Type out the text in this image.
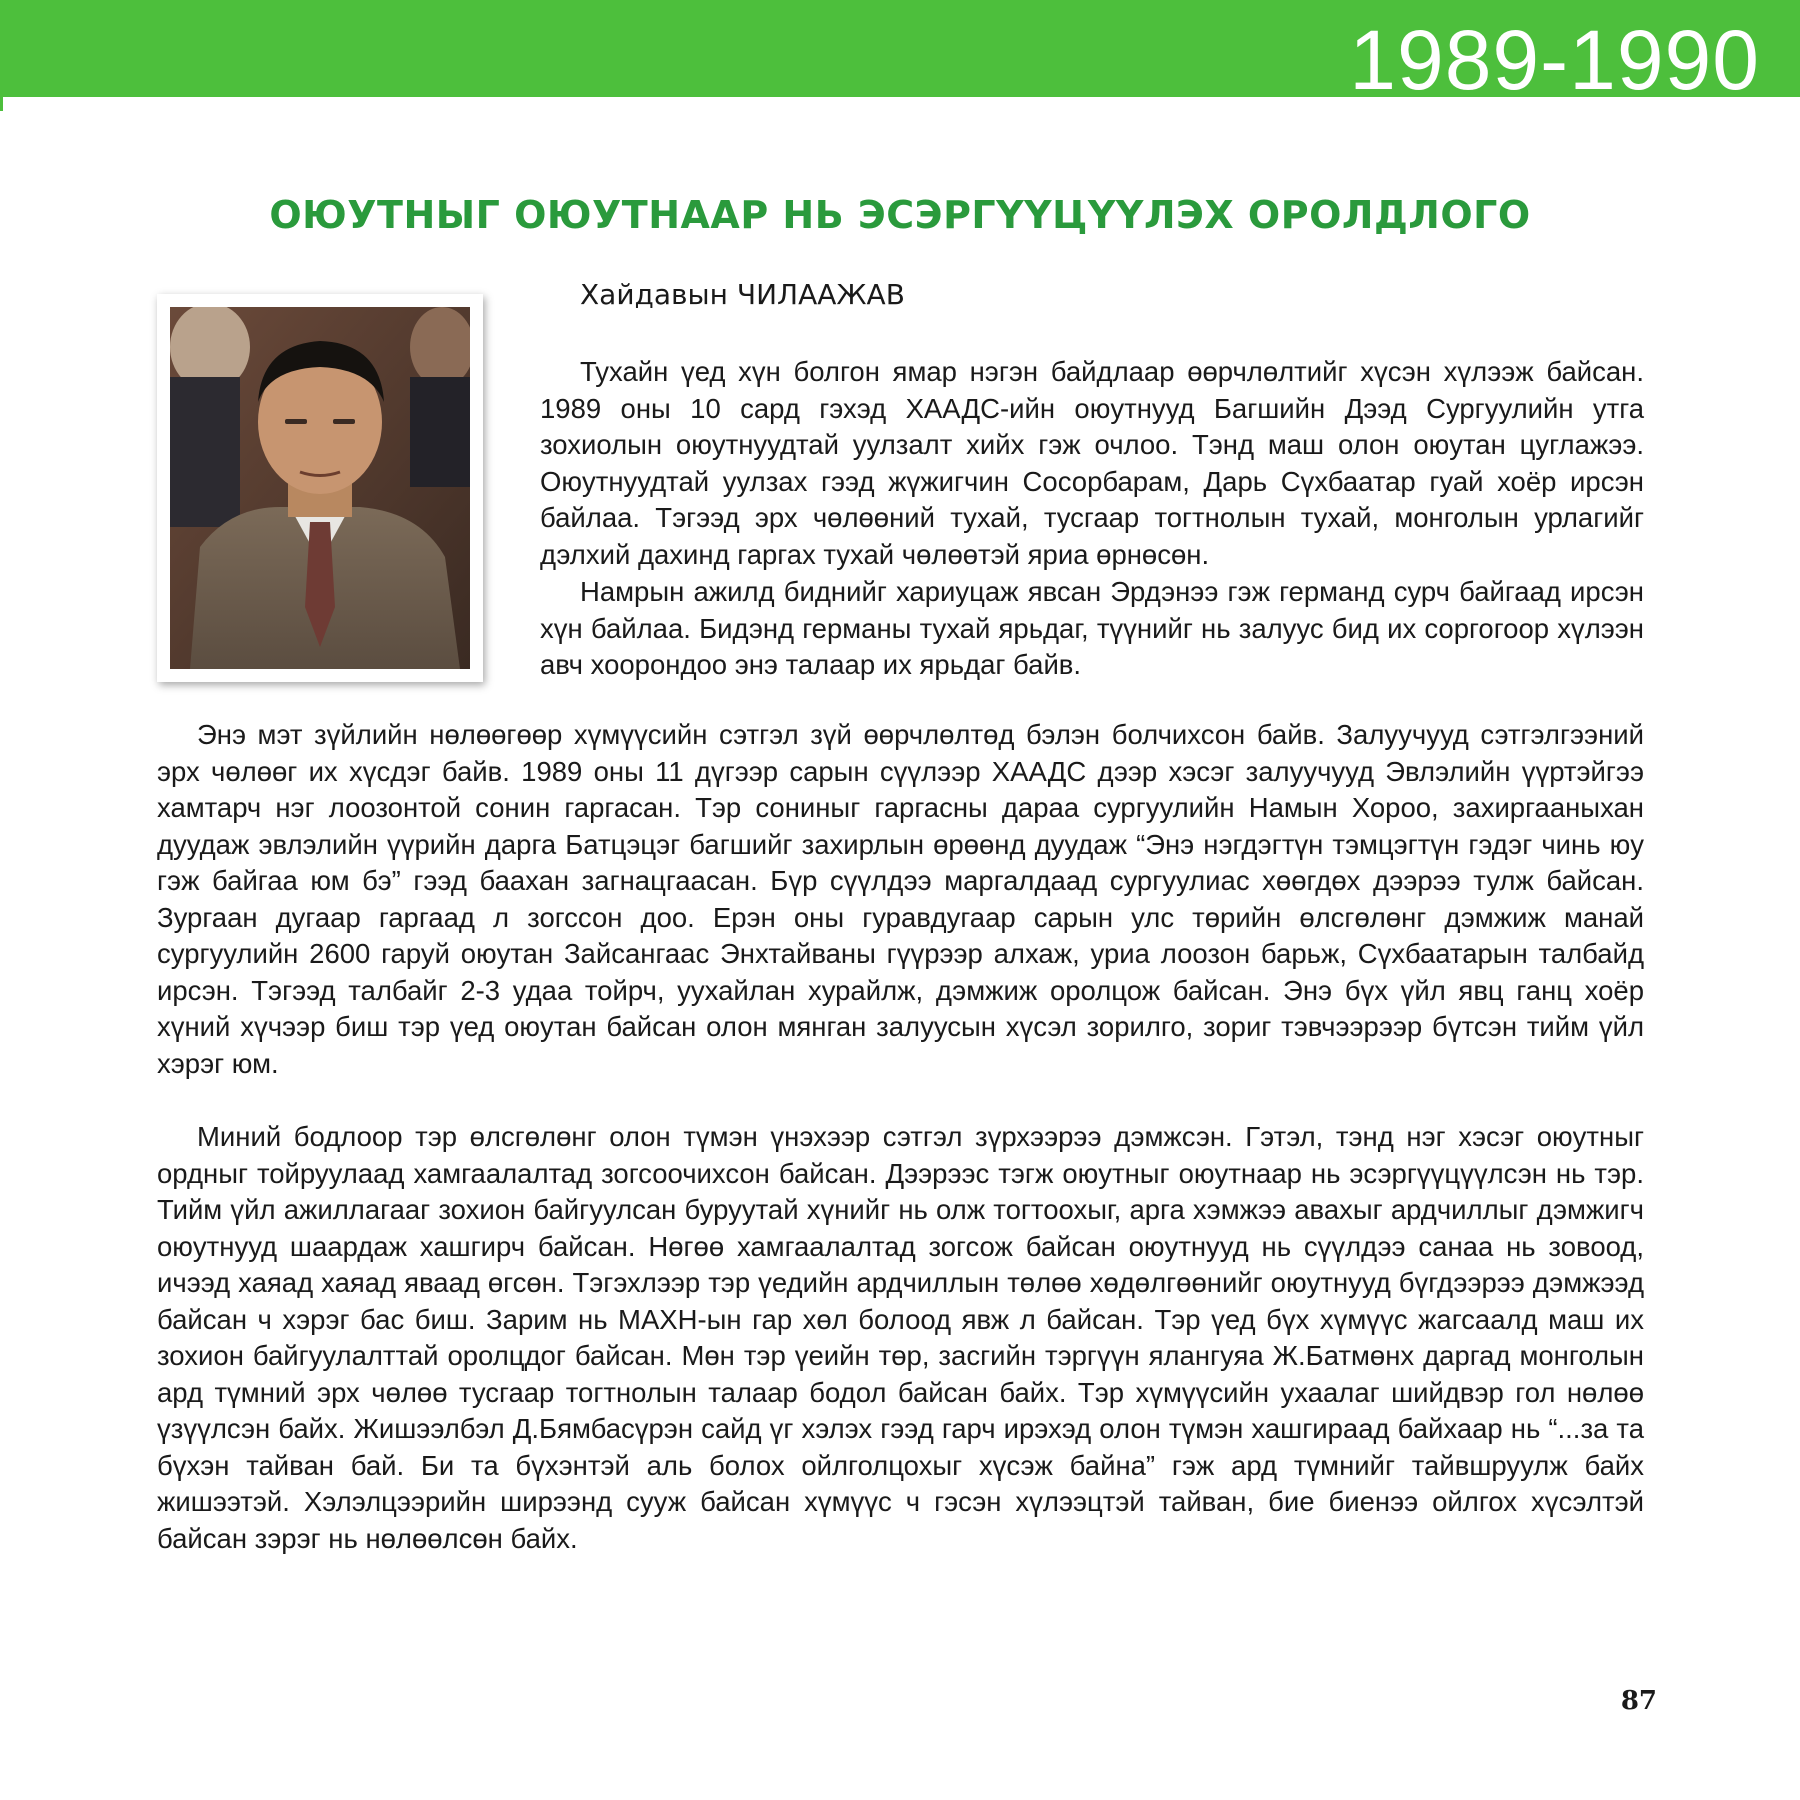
1989-1990
ОЮУТНЫГ ОЮУТНААР НЬ ЭСЭРГҮҮЦҮҮЛЭХ ОРОЛДЛОГО
Хайдавын ЧИЛААЖАВ

Тухайн үед хүн болгон ямар нэгэн байдлаар өөрчлөлтийг хүсэн хүлээж байсан. 1989 оны 10 сард гэхэд ХААДС-ийн оюутнууд Багшийн Дээд Сургуулийн утга зохиолын оюутнуудтай уулзалт хийх гэж очлоо. Тэнд маш олон оюутан цуглажээ. Оюутнуудтай уулзах гээд жүжигчин Сосорбарам, Дарь Сүхбаатар гуай хоёр ирсэн байлаа. Тэгээд эрх чөлөөний тухай, тусгаар тогтнолын тухай, монголын урлагийг дэлхий дахинд гаргах тухай чөлөөтэй яриа өрнөсөн.

Намрын ажилд биднийг хариуцаж явсан Эрдэнээ гэж германд сурч байгаад ирсэн хүн байлаа. Бидэнд германы тухай ярьдаг, түүнийг нь залуус бид их соргогоор хүлээн авч хоорондоо энэ талаар их ярьдаг байв.

Энэ мэт зүйлийн нөлөөгөөр хүмүүсийн сэтгэл зүй өөрчлөлтөд бэлэн болчихсон байв. Залуучууд сэтгэлгээний эрх чөлөөг их хүсдэг байв. 1989 оны 11 дүгээр сарын сүүлээр ХААДС дээр хэсэг залуучууд Эвлэлийн үүртэйгээ хамтарч нэг лоозонтой сонин гаргасан. Тэр сониныг гаргасны дараа сургуулийн Намын Хороо, захиргааныхан дуудаж эвлэлийн үүрийн дарга Батцэцэг багшийг захирлын өрөөнд дуудаж “Энэ нэгдэгтүн тэмцэгтүн гэдэг чинь юу гэж байгаа юм бэ” гээд баахан загнацгаасан. Бүр сүүлдээ маргалдаад сургуулиас хөөгдөх дээрээ тулж байсан. Зургаан дугаар гаргаад л зогссон доо. Ерэн оны гуравдугаар сарын улс төрийн өлсгөлөнг дэмжиж манай сургуулийн 2600 гаруй оюутан Зайсангаас Энхтайваны гүүрээр алхаж, уриа лоозон барьж, Сүхбаатарын талбайд ирсэн. Тэгээд талбайг 2-3 удаа тойрч, уухайлан хурайлж, дэмжиж оролцож байсан. Энэ бүх үйл явц ганц хоёр хүний хүчээр биш тэр үед оюутан байсан олон мянган залуусын хүсэл зорилго, зориг тэвчээрээр бүтсэн тийм үйл хэрэг юм.

Миний бодлоор тэр өлсгөлөнг олон түмэн үнэхээр сэтгэл зүрхээрээ дэмжсэн. Гэтэл, тэнд нэг хэсэг оюутныг ордныг тойруулаад хамгаалалтад зогсоочихсон байсан. Дээрээс тэгж оюутныг оюутнаар нь эсэргүүцүүлсэн нь тэр. Тийм үйл ажиллагааг зохион байгуулсан буруутай хүнийг нь олж тогтоохыг, арга хэмжээ авахыг ардчиллыг дэмжигч оюутнууд шаардаж хашгирч байсан. Нөгөө хамгаалалтад зогсож байсан оюутнууд нь сүүлдээ санаа нь зовоод, ичээд хаяад хаяад яваад өгсөн. Тэгэхлээр тэр үедийн ардчиллын төлөө хөдөлгөөнийг оюутнууд бүгдээрээ дэмжээд байсан ч хэрэг бас биш. Зарим нь МАХН-ын гар хөл болоод явж л байсан. Тэр үед бүх хүмүүс жагсаалд маш их зохион байгуулалттай оролцдог байсан. Мөн тэр үеийн төр, засгийн тэргүүн ялангуяа Ж.Батмөнх даргад монголын ард түмний эрх чөлөө тусгаар тогтнолын талаар бодол байсан байх. Тэр хүмүүсийн ухаалаг шийдвэр гол нөлөө үзүүлсэн байх. Жишээлбэл Д.Бямбасүрэн сайд үг хэлэх гээд гарч ирэхэд олон түмэн хашгираад байхаар нь “...за та бүхэн тайван бай. Би та бүхэнтэй аль болох ойлголцохыг хүсэж байна” гэж ард түмнийг тайвшруулж байх жишээтэй. Хэлэлцээрийн ширээнд сууж байсан хүмүүс ч гэсэн хүлээцтэй тайван, бие биенээ ойлгох хүсэлтэй байсан зэрэг нь нөлөөлсөн байх.

87
